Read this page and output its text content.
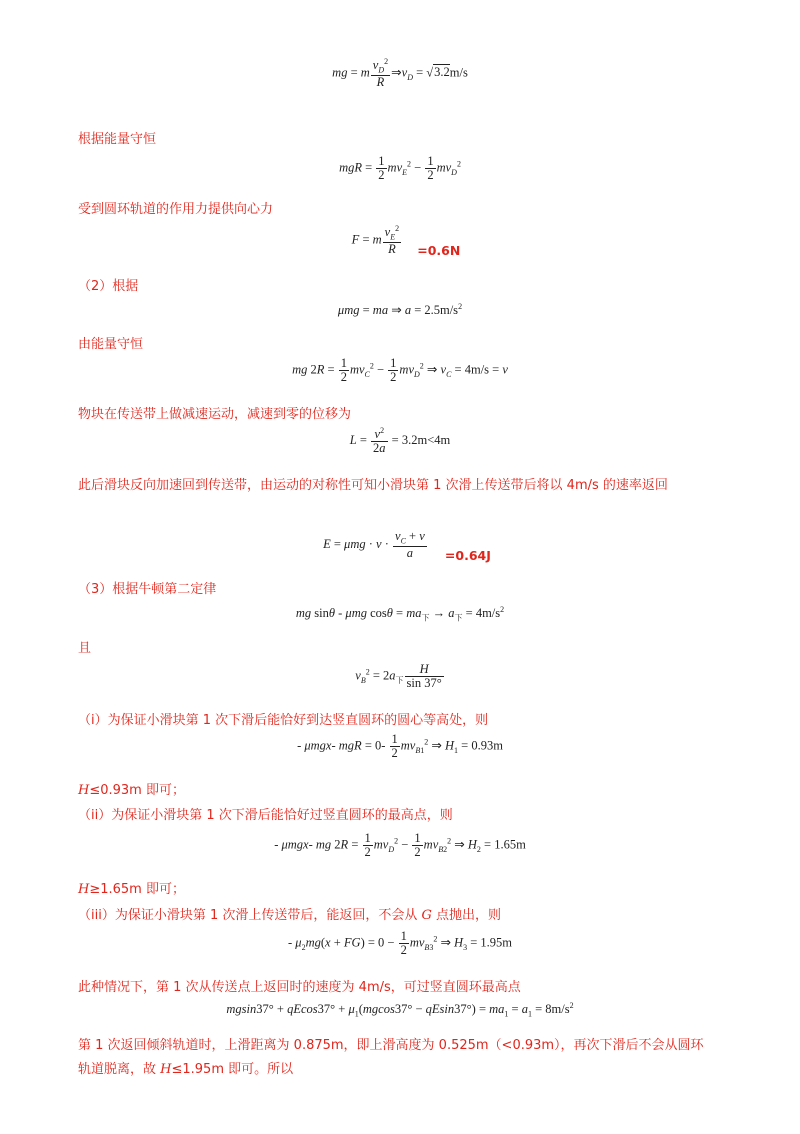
mg = m $\frac{v_D^2}{R}$ $\Rightarrow v_D = √3.2m/s$
根据能量守恒
mgR = $\frac{1}{2} mv_E^2 - \frac{1}{2} mv_D^2$
受到圆环轨道的作用力提供向心力
F = m $\frac{v_E^2}{R} =0.6N$
（2）根据
μmg = ma ⇒ $a = 2.5m/s^2$
由能量守恒
mg $2R = \frac{1}{2} mv_C^2 - \frac{1}{2} mv_D^2$ ⇒ $v_C = 4m/s = v$
物块在传送带上做减速运动，减速到零的位移为
$L = \frac{v^2}{2a} = 3.2m<4m$
此后滑块反向加速回到传送带，由运动的对称性可知小滑块第 1 次滑上传送带后将以 4m/s 的速率返回
$E = \mu mg \cdot v \cdot \frac{v_C + v}{a} =0.64J$
（3）根据牛顿第二定律
mg sinθ - μmg $\cos\theta = ma_下 \to a_下 = 4m/s^2$
且
$v_B^2 = 2a_下 \frac{H}{\sin 37^\circ}$
（i）为保证小滑块第 1 次下滑后能恰好到达竖直圆环的圆心等高处，则
- μmgx- mgR = $0- \frac{1}{2} mv_{B1}^2$ ⇒ $H_1 = 0.93m$
H≤0.93m 即可；
（ii）为保证小滑块第 1 次下滑后能恰好过竖直圆环的最高点，则
- μmgx- mg $2R = \frac{1}{2} mv_D^2 - \frac{1}{2} mv_{B2}^2$ ⇒ $H_2 = 1.65m$
H≥1.65m 即可；
（iii）为保证小滑块第 1 次滑上传送带后，能返回，不会从 G 点抛出，则
- $\mu_2mg(x + FG) = 0 - \frac{1}{2} mv_{B3}^2$ ⇒ $H_3 = 1.95m$
此种情况下，第 1 次从传送点上返回时的速度为 4m/s，可过竖直圆环最高点
$mgsin37^\circ + qEcos37^\circ + \mu_1(mgcos37^\circ - qEsin37^\circ) = ma_1 = a_1 = 8m/s^2$
第 1 次返回倾斜轨道时，上滑距离为 0.875m，即上滑高度为 0.525m（<0.93m），再次下滑后不会从圆环
轨道脱离，故 H≤1.95m 即可。所以
